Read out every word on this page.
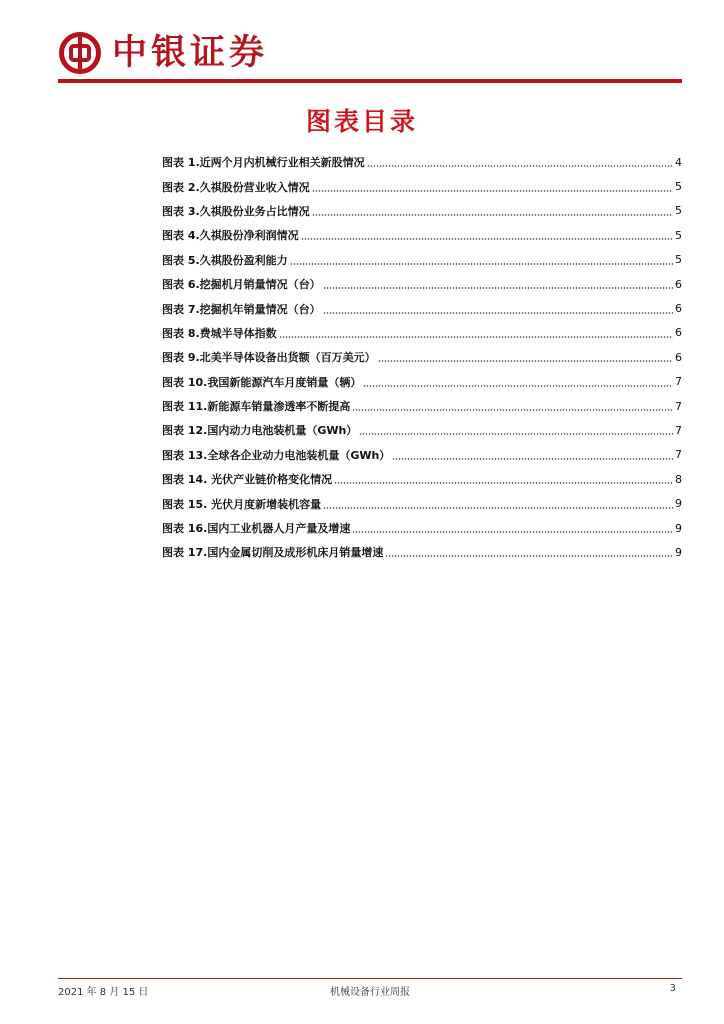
中银证券
图表目录
图表 1.近两个月内机械行业相关新股情况	4
图表 2.久祺股份营业收入情况	5
图表 3.久祺股份业务占比情况	5
图表 4.久祺股份净利润情况	5
图表 5.久祺股份盈利能力	5
图表 6.挖掘机月销量情况（台）	6
图表 7.挖掘机年销量情况（台）	6
图表 8.费城半导体指数	6
图表 9.北美半导体设备出货额（百万美元）	6
图表 10.我国新能源汽车月度销量（辆）	7
图表 11.新能源车销量渗透率不断提高	7
图表 12.国内动力电池装机量（GWh）	7
图表 13.全球各企业动力电池装机量（GWh）	7
图表 14. 光伏产业链价格变化情况	8
图表 15. 光伏月度新增装机容量	9
图表 16.国内工业机器人月产量及增速	9
图表 17.国内金属切削及成形机床月销量增速	9
2021 年 8 月 15 日	机械设备行业周报	3
